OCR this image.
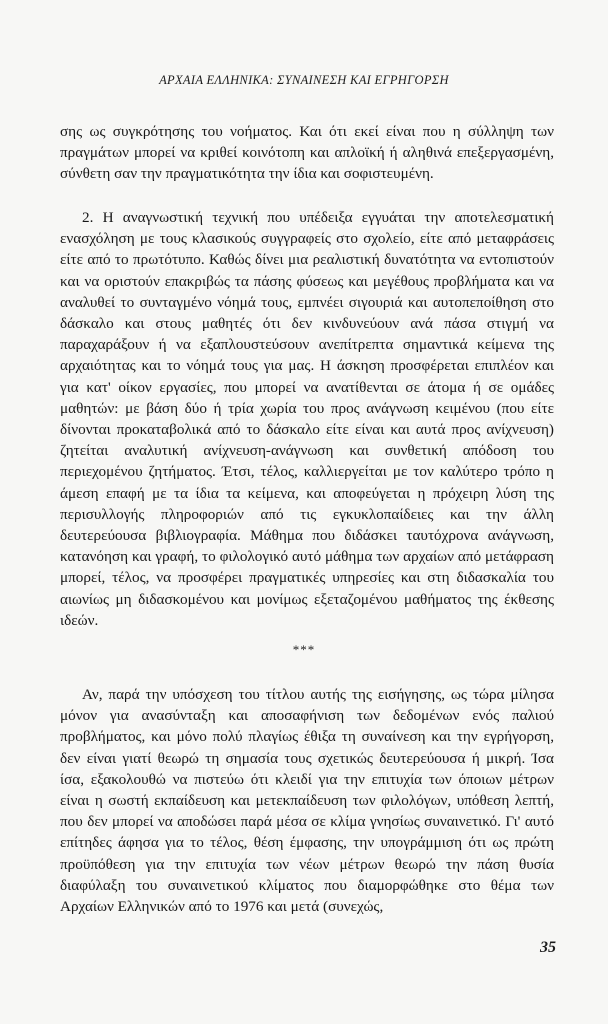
ΑΡΧΑΙΑ ΕΛΛΗΝΙΚΑ: ΣΥΝΑΙΝΕΣΗ ΚΑΙ ΕΓΡΗΓΟΡΣΗ

σης ως συγκρότησης του νοήματος. Και ότι εκεί είναι που η σύλληψη των πραγμάτων μπορεί να κριθεί κοινότοπη και απλοϊκή ή αληθινά επεξεργασμένη, σύνθετη σαν την πραγματικότητα την ίδια και σοφιστευμένη.

2. Η αναγνωστική τεχνική που υπέδειξα εγγυάται την αποτελεσματική ενασχόληση με τους κλασικούς συγγραφείς στο σχολείο, είτε από μεταφράσεις είτε από το πρωτότυπο. Καθώς δίνει μια ρεαλιστική δυνατότητα να εντοπιστούν και να οριστούν επακριβώς τα πάσης φύσεως και μεγέθους προβλήματα και να αναλυθεί το συνταγμένο νόημά τους, εμπνέει σιγουριά και αυτοπεποίθηση στο δάσκαλο και στους μαθητές ότι δεν κινδυνεύουν ανά πάσα στιγμή να παραχαράξουν ή να εξαπλουστεύσουν ανεπίτρεπτα σημαντικά κείμενα της αρχαιότητας και το νόημά τους για μας. Η άσκηση προσφέρεται επιπλέον και για κατ' οίκον εργασίες, που μπορεί να ανατίθενται σε άτομα ή σε ομάδες μαθητών: με βάση δύο ή τρία χωρία του προς ανάγνωση κειμένου (που είτε δίνονται προκαταβολικά από το δάσκαλο είτε είναι και αυτά προς ανίχνευση) ζητείται αναλυτική ανίχνευση-ανάγνωση και συνθετική απόδοση του περιεχομένου ζητήματος. Έτσι, τέλος, καλλιεργείται με τον καλύτερο τρόπο η άμεση επαφή με τα ίδια τα κείμενα, και αποφεύγεται η πρόχειρη λύση της περισυλλογής πληροφοριών από τις εγκυκλοπαίδειες και την άλλη δευτερεύουσα βιβλιογραφία. Μάθημα που διδάσκει ταυτόχρονα ανάγνωση, κατανόηση και γραφή, το φιλολογικό αυτό μάθημα των αρχαίων από μετάφραση μπορεί, τέλος, να προσφέρει πραγματικές υπηρεσίες και στη διδασκαλία του αιωνίως μη διδασκομένου και μονίμως εξεταζομένου μαθήματος της έκθεσης ιδεών.

***

Αν, παρά την υπόσχεση του τίτλου αυτής της εισήγησης, ως τώρα μίλησα μόνον για ανασύνταξη και αποσαφήνιση των δεδομένων ενός παλιού προβλήματος, και μόνο πολύ πλαγίως έθιξα τη συναίνεση και την εγρήγορση, δεν είναι γιατί θεωρώ τη σημασία τους σχετικώς δευτερεύουσα ή μικρή. Ίσα ίσα, εξακολουθώ να πιστεύω ότι κλειδί για την επιτυχία των όποιων μέτρων είναι η σωστή εκπαίδευση και μετεκπαίδευση των φιλολόγων, υπόθεση λεπτή, που δεν μπορεί να αποδώσει παρά μέσα σε κλίμα γνησίως συναινετικό. Γι' αυτό επίτηδες άφησα για το τέλος, θέση έμφασης, την υπογράμμιση ότι ως πρώτη προϋπόθεση για την επιτυχία των νέων μέτρων θεωρώ την πάση θυσία διαφύλαξη του συναινετικού κλίματος που διαμορφώθηκε στο θέμα των Αρχαίων Ελληνικών από το 1976 και μετά (συνεχώς,

35
